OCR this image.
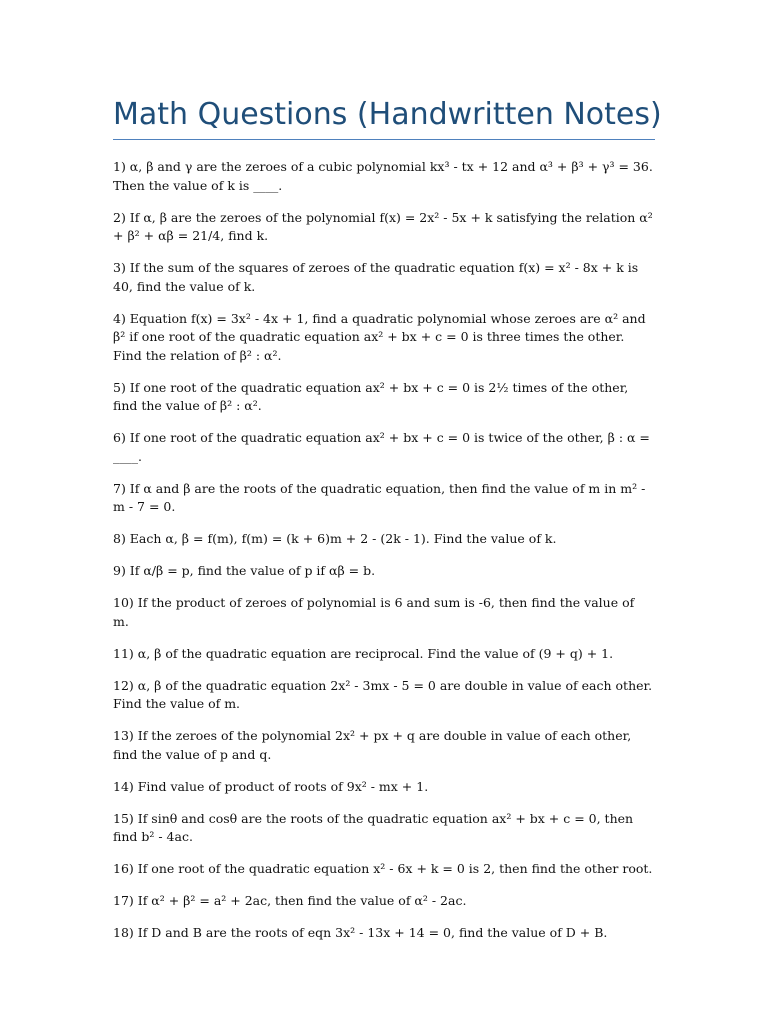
Math Questions (Handwritten Notes)
1) α, β and γ are the zeroes of a cubic polynomial kx³ - tx + 12 and α³ + β³ + γ³ = 36. Then the value of k is ____.
2) If α, β are the zeroes of the polynomial f(x) = 2x² - 5x + k satisfying the relation α² + β² + αβ = 21/4, find k.
3) If the sum of the squares of zeroes of the quadratic equation f(x) = x² - 8x + k is 40, find the value of k.
4) Equation f(x) = 3x² - 4x + 1, find a quadratic polynomial whose zeroes are α² and β² if one root of the quadratic equation ax² + bx + c = 0 is three times the other. Find the relation of β² : α².
5) If one root of the quadratic equation ax² + bx + c = 0 is 2½ times of the other, find the value of β² : α².
6) If one root of the quadratic equation ax² + bx + c = 0 is twice of the other, β : α = ____.
7) If α and β are the roots of the quadratic equation, then find the value of m in m² - m - 7 = 0.
8) Each α, β = f(m), f(m) = (k + 6)m + 2 - (2k - 1). Find the value of k.
9) If α/β = p, find the value of p if αβ = b.
10) If the product of zeroes of polynomial is 6 and sum is -6, then find the value of m.
11) α, β of the quadratic equation are reciprocal. Find the value of (9 + q) + 1.
12) α, β of the quadratic equation 2x² - 3mx - 5 = 0 are double in value of each other. Find the value of m.
13) If the zeroes of the polynomial 2x² + px + q are double in value of each other, find the value of p and q.
14) Find value of product of roots of 9x² - mx + 1.
15) If sinθ and cosθ are the roots of the quadratic equation ax² + bx + c = 0, then find b² - 4ac.
16) If one root of the quadratic equation x² - 6x + k = 0 is 2, then find the other root.
17) If α² + β² = a² + 2ac, then find the value of α² - 2ac.
18) If D and B are the roots of eqn 3x² - 13x + 14 = 0, find the value of D + B.
